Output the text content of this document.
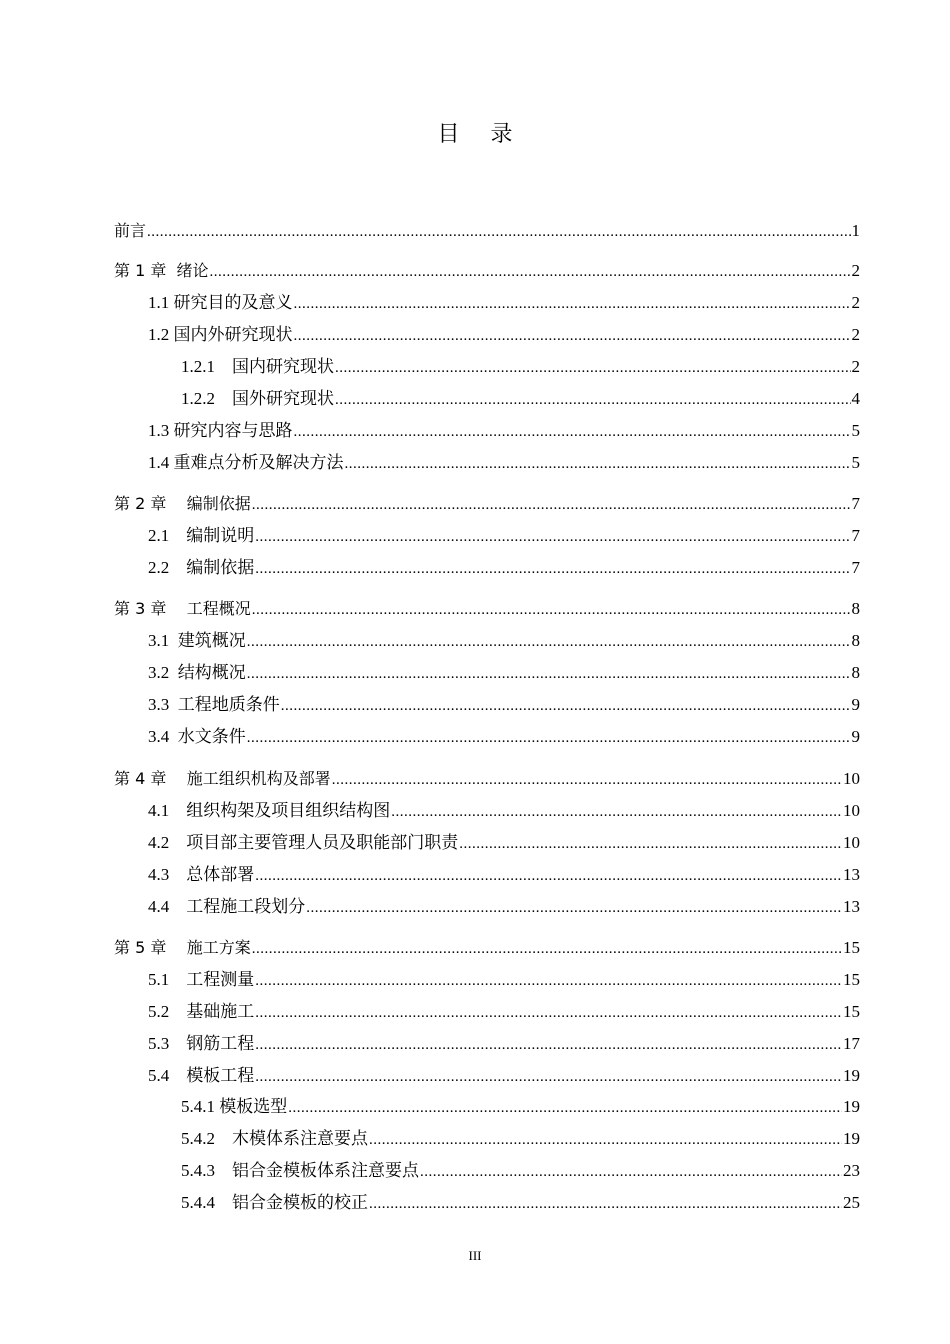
目 录
前言 .....	1
第 1 章  绪论 .....	2
1.1 研究目的及意义 .....	2
1.2 国内外研究现状 .....	2
1.2.1    国内研究现状 .....	2
1.2.2    国外研究现状 .....	4
1.3 研究内容与思路 .....	5
1.4 重难点分析及解决方法 .....	5
第 2 章    编制依据 .....	7
2.1    编制说明 .....	7
2.2    编制依据 .....	7
第 3 章    工程概况 .....	8
3.1  建筑概况 .....	8
3.2  结构概况 .....	8
3.3  工程地质条件 .....	9
3.4  水文条件 .....	9
第 4 章    施工组织机构及部署 .....	10
4.1    组织构架及项目组织结构图 .....	10
4.2    项目部主要管理人员及职能部门职责 .....	10
4.3    总体部署 .....	13
4.4    工程施工段划分 .....	13
第 5 章    施工方案 .....	15
5.1    工程测量 .....	15
5.2    基础施工 .....	15
5.3    钢筋工程 .....	17
5.4    模板工程 .....	19
5.4.1 模板选型 .....	19
5.4.2    木模体系注意要点 .....	19
5.4.3    铝合金模板体系注意要点 .....	23
5.4.4    铝合金模板的校正 .....	25
III
